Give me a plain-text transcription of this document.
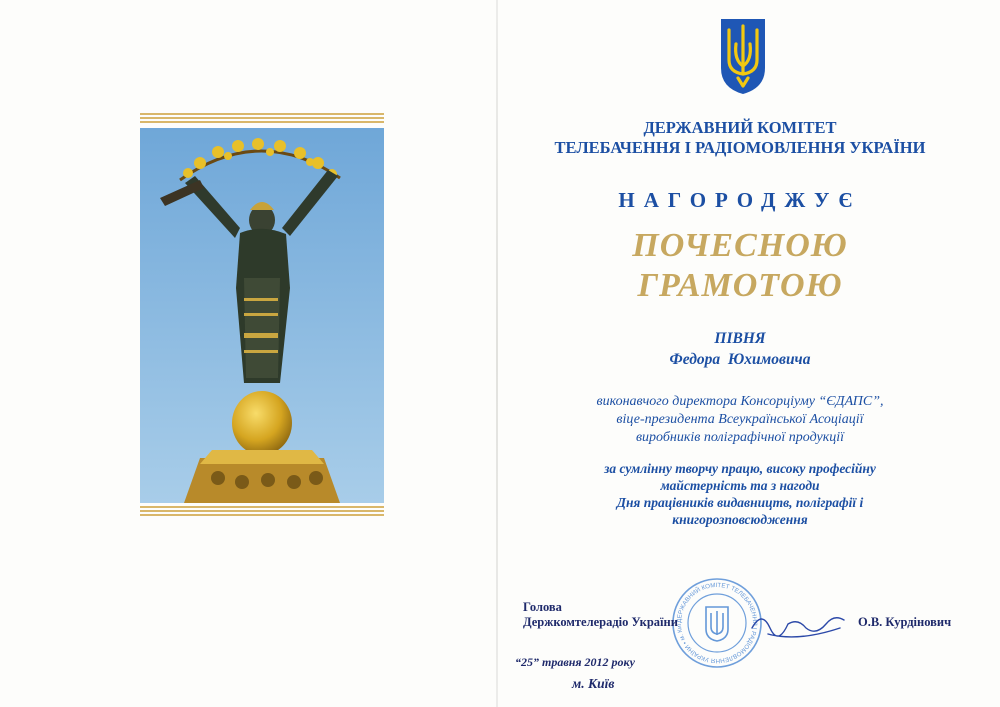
ДЕРЖАВНИЙ КОМІТЕТ
ТЕЛЕБАЧЕННЯ І РАДІОМОВЛЕННЯ УКРАЇНИ
НАГОРОДЖУЄ
ПОЧЕСНОЮ
ГРАМОТОЮ
ПІВНЯ
Федора  Юхимовича
виконавчого директора Консорціуму “ЄДАПС”,
віце-президента Всеукраїнської Асоціації
виробників поліграфічної продукції
за сумлінну творчу працю, високу професійну
майстерність та з нагоди
Дня працівників видавництв, поліграфії і
книгорозповсюдження
ДЕРЖАВНИЙ КОМІТЕТ ТЕЛЕБАЧЕННЯ І РАДІОМОВЛЕННЯ УКРАЇНИ • м. Киї
Голова
Держкомтелерадіо України	О.В. Курдінович
“25” травня 2012 року
м. Київ
